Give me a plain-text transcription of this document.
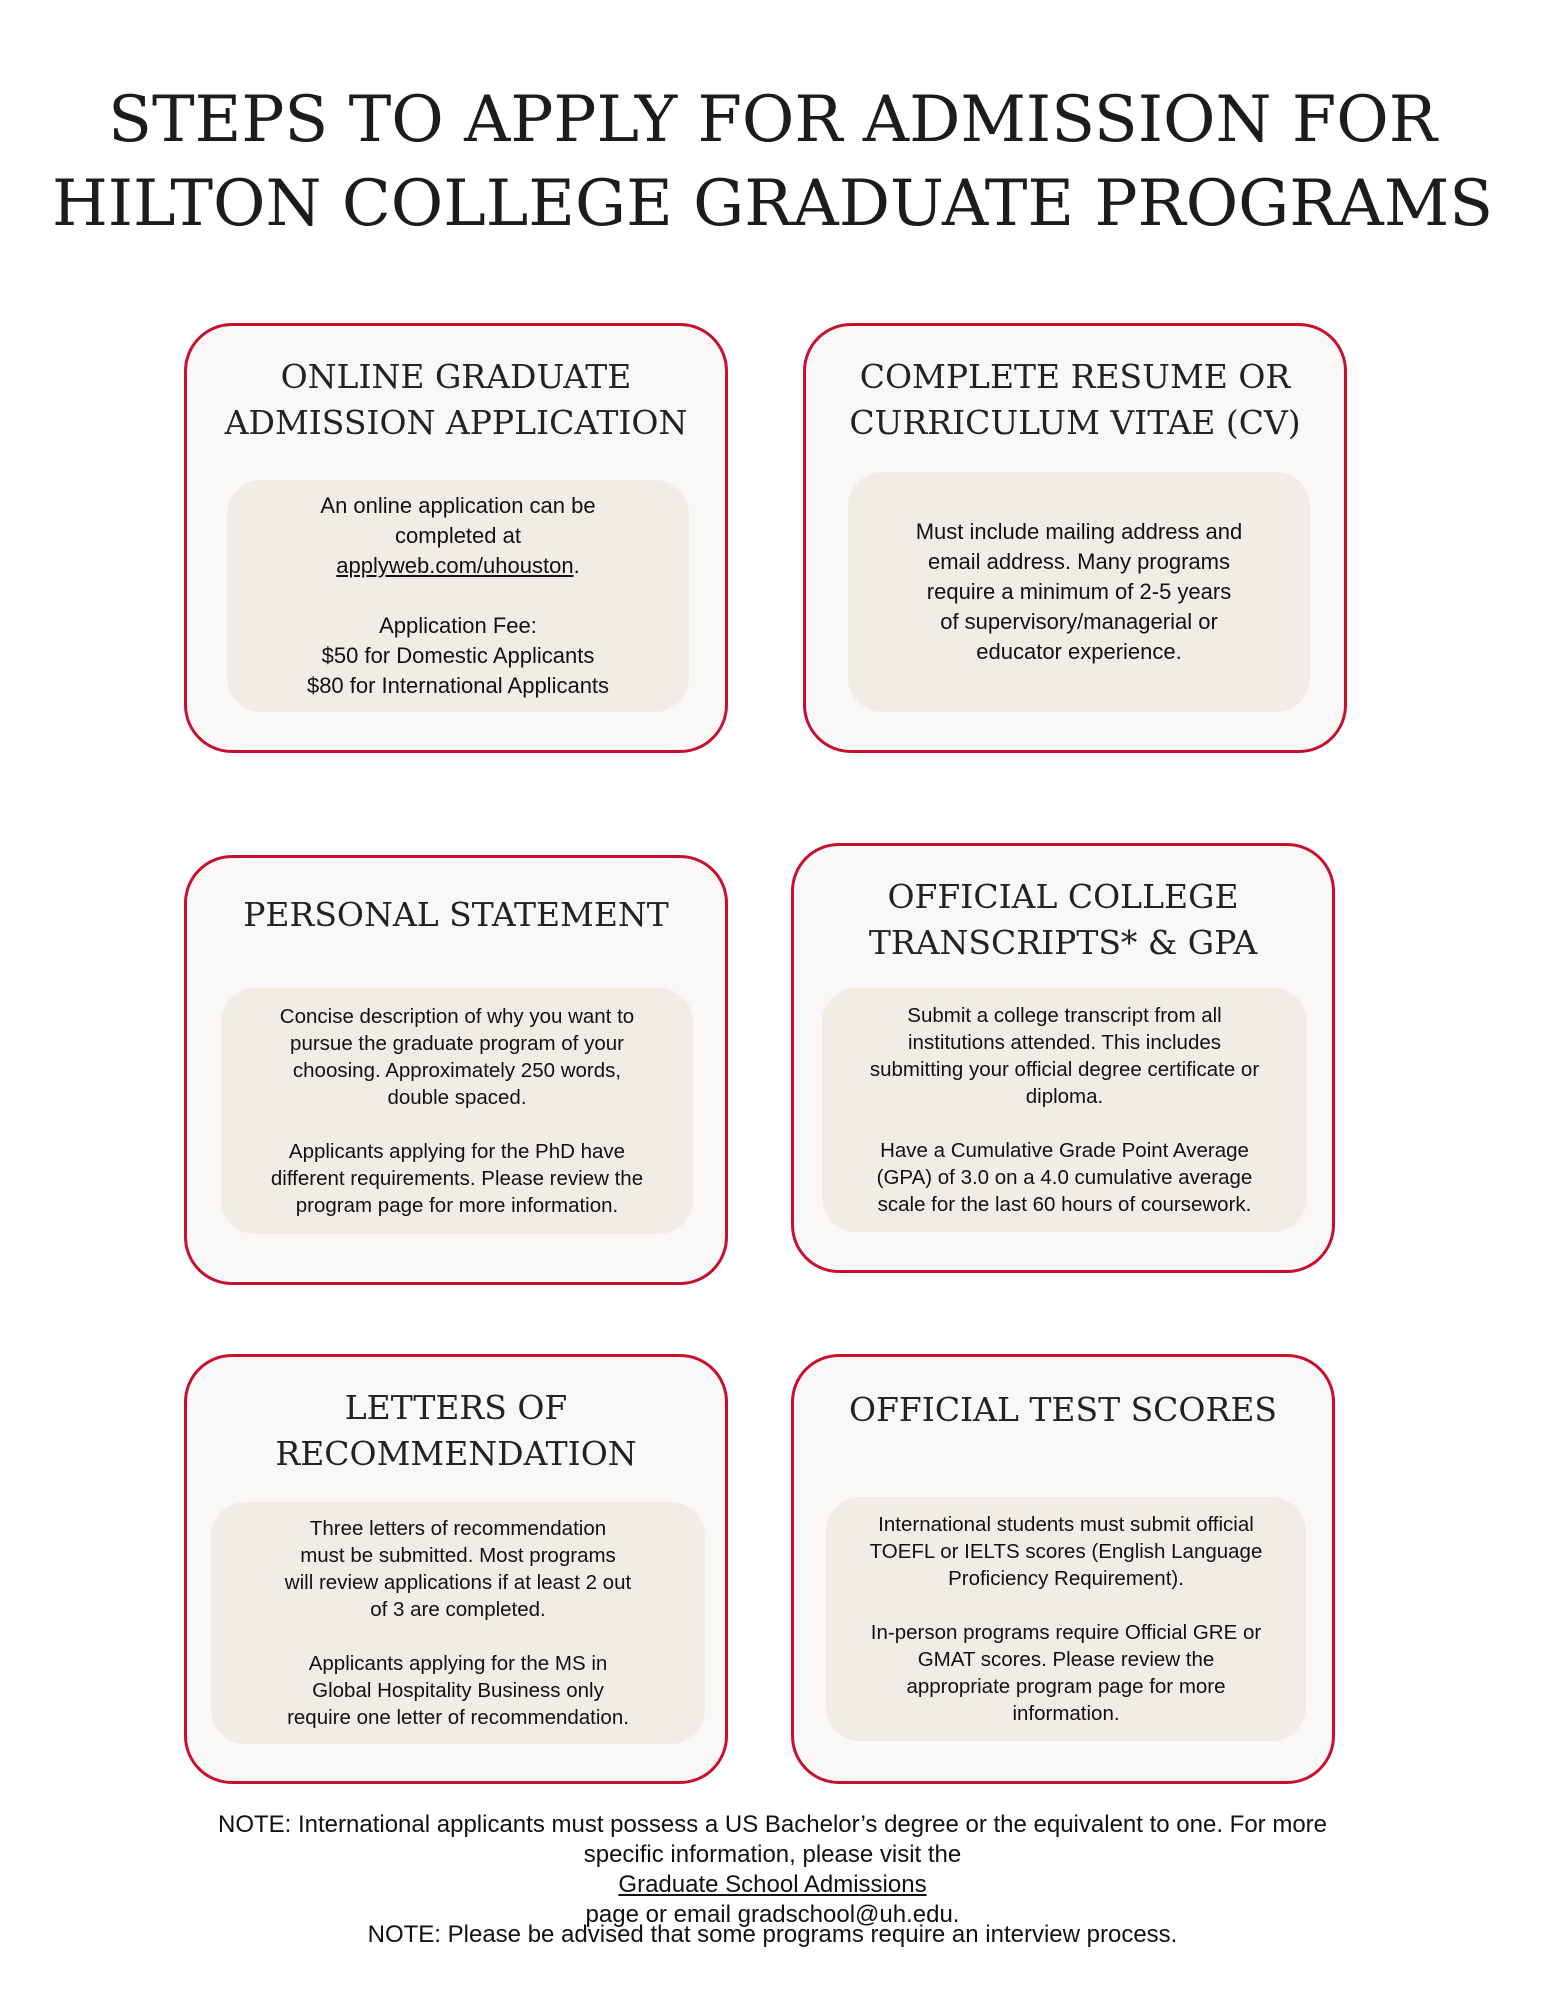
STEPS TO APPLY FOR ADMISSION FOR
HILTON COLLEGE GRADUATE PROGRAMS
ONLINE GRADUATE
ADMISSION APPLICATION

An online application can be
completed at
applyweb.com/uhouston.

Application Fee:
$50 for Domestic Applicants
$80 for International Applicants

COMPLETE RESUME OR
CURRICULUM VITAE (CV)

Must include mailing address and
email address. Many programs
require a minimum of 2-5 years
of supervisory/managerial or
educator experience.

PERSONAL STATEMENT

Concise description of why you want to
pursue the graduate program of your
choosing. Approximately 250 words,
double spaced.

Applicants applying for the PhD have
different requirements. Please review the
program page for more information.

OFFICIAL COLLEGE
TRANSCRIPTS* & GPA

Submit a college transcript from all
institutions attended. This includes
submitting your official degree certificate or
diploma.

Have a Cumulative Grade Point Average
(GPA) of 3.0 on a 4.0 cumulative average
scale for the last 60 hours of coursework.

LETTERS OF
RECOMMENDATION

Three letters of recommendation
must be submitted. Most programs
will review applications if at least 2 out
of 3 are completed.

Applicants applying for the MS in
Global Hospitality Business only
require one letter of recommendation.

OFFICIAL TEST SCORES

International students must submit official
TOEFL or IELTS scores (English Language
Proficiency Requirement).

In-person programs require Official GRE or
GMAT scores. Please review the
appropriate program page for more
information.

NOTE: International applicants must possess a US Bachelor’s degree or the equivalent to one. For more
specific information, please visit the
Graduate School Admissions
page or email gradschool@uh.edu.
NOTE: Please be advised that some programs require an interview process.
